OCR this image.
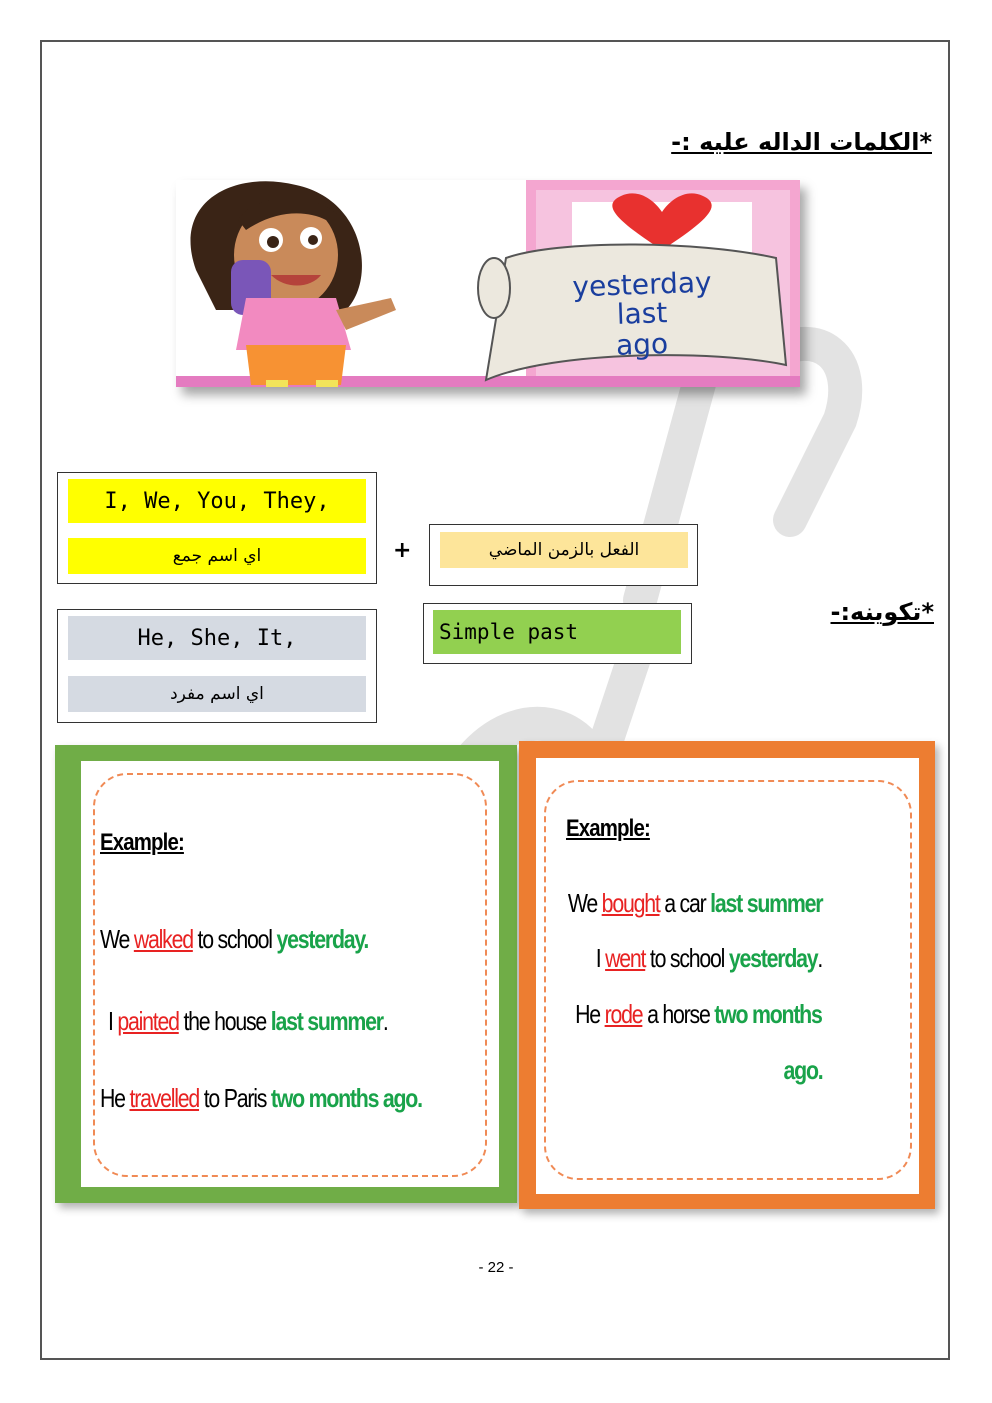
*الكلمات الداله عليه :-
yesterday
last
ago
I, We, You, They,
اي اسم جمع
He, She, It,
اي اسم مفرد
+	الفعل بالزمن الماضي
Simple past
*تكوينه:-
Example:
We walked to school yesterday.
I painted the house last summer.
He travelled to Paris two months ago.
Example:
We bought a car last summer
I went to school yesterday.
He rode a horse two months
ago.
- 22 -
